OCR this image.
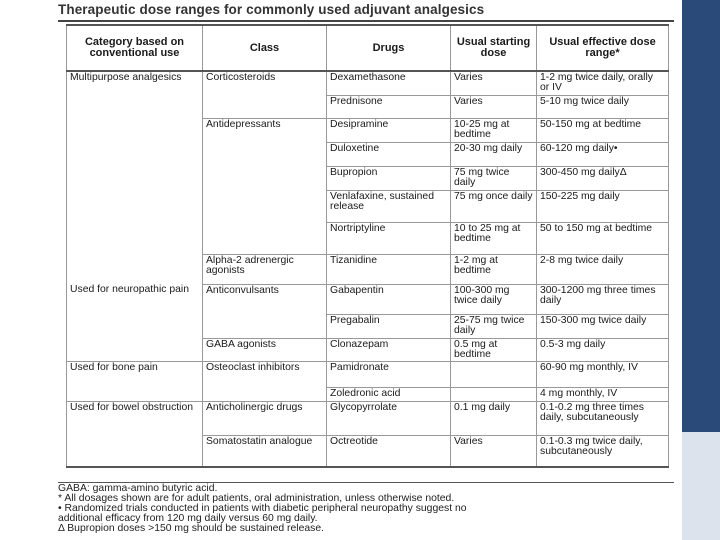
Therapeutic dose ranges for commonly used adjuvant analgesics
Category based on conventional use	Class	Drugs	Usual starting dose	Usual effective dose range*
Multipurpose analgesics	Corticosteroids	Dexamethasone	Varies	1-2 mg twice daily, orally or IV
		Prednisone	Varies	5-10 mg twice daily
	Antidepressants	Desipramine	10-25 mg at bedtime	50-150 mg at bedtime
		Duloxetine	20-30 mg daily	60-120 mg daily•
		Bupropion	75 mg twice daily	300-450 mg dailyΔ
		Venlafaxine, sustained release	75 mg once daily	150-225 mg daily
		Nortriptyline	10 to 25 mg at bedtime	50 to 150 mg at bedtime
	Alpha-2 adrenergic agonists	Tizanidine	1-2 mg at bedtime	2-8 mg twice daily
Used for neuropathic pain	Anticonvulsants	Gabapentin	100-300 mg twice daily	300-1200 mg three times daily
		Pregabalin	25-75 mg twice daily	150-300 mg twice daily
	GABA agonists	Clonazepam	0.5 mg at bedtime	0.5-3 mg daily
Used for bone pain	Osteoclast inhibitors	Pamidronate		60-90 mg monthly, IV
		Zoledronic acid		4 mg monthly, IV
Used for bowel obstruction	Anticholinergic drugs	Glycopyrrolate	0.1 mg daily	0.1-0.2 mg three times daily, subcutaneously
	Somatostatin analogue	Octreotide	Varies	0.1-0.3 mg twice daily, subcutaneously
GABA: gamma-amino butyric acid.
* All dosages shown are for adult patients, oral administration, unless otherwise noted.
• Randomized trials conducted in patients with diabetic peripheral neuropathy suggest no
additional efficacy from 120 mg daily versus 60 mg daily.
Δ Bupropion doses >150 mg should be sustained release.
